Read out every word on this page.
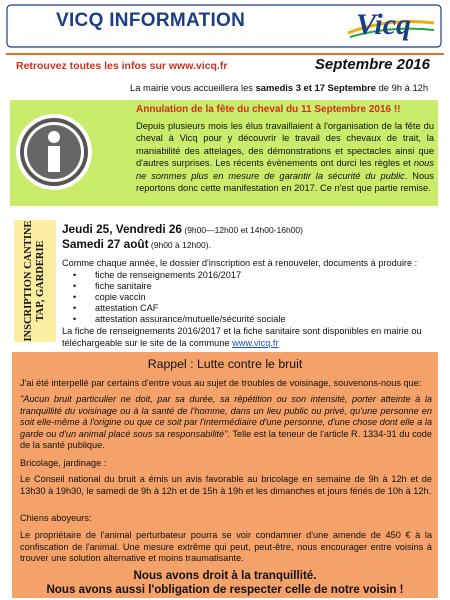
VICQ INFORMATION	Vicq
Retrouvez toutes les infos sur www.vicq.fr	Septembre 2016
La mairie vous accueillera les samedis 3 et 17 Septembre de 9h à 12h
Annulation de la fête du cheval du 11 Septembre 2016 !!
Depuis plusieurs mois les élus travaillaient à l'organisation de la fête du cheval à Vicq pour y découvrir le travail des chevaux de trait, la maniabilité des attelages, des démonstrations et spectacles ainsi que d'autres surprises. Les récents évènements ont durci les règles et nous ne sommes plus en mesure de garantir la sécurité du public. Nous reportons donc cette manifestation en 2017. Ce n'est que partie remise.
INSCRIPTION CANTINE TAP, GARDERIE
Jeudi 25, Vendredi 26 (9h00—12h00 et 14h00-16h00)
Samedi 27 août (9h00 à 12h00).
Comme chaque année, le dossier d'inscription est à renouveler, documents à produire :
• fiche de renseignements 2016/2017
• fiche sanitaire
• copie vaccin
• attestation CAF
• attestation assurance/mutuelle/sécurité sociale
La fiche de renseignements 2016/2017 et la fiche sanitaire sont disponibles en mairie ou téléchargeable sur le site de la commune www.vicq.fr
Rappel : Lutte contre le bruit
J'ai été interpellé par certains d'entre vous au sujet de troubles de voisinage, souvenons-nous que:
"Aucun bruit particulier ne doit, par sa durée, sa répétition ou son intensité, porter atteinte à la tranquillité du voisinage ou à la santé de l'homme, dans un lieu public ou privé, qu'une personne en soit elle-même à l'origine ou que ce soit par l'intermédiaire d'une personne, d'une chose dont elle a la garde ou d'un animal placé sous sa responsabilité". Telle est la teneur de l'article R. 1334-31 du code de la santé publique.
Bricolage, jardinage :
Le Conseil national du bruit a émis un avis favorable au bricolage en semaine de 9h à 12h et de 13h30 à 19h30, le samedi de 9h à 12h et de 15h à 19h et les dimanches et jours fériés de 10h à 12h.
Chiens aboyeurs:
Le propriétaire de l'animal perturbateur pourra se voir condamner d'une amende de 450 € à la confiscation de l'animal. Une mesure extrême qui peut, peut-être, nous encourager entre voisins à trouver une solution alternative et moins traumatisante.
Nous avons droit à la tranquillité.
Nous avons aussi l'obligation de respecter celle de notre voisin !
